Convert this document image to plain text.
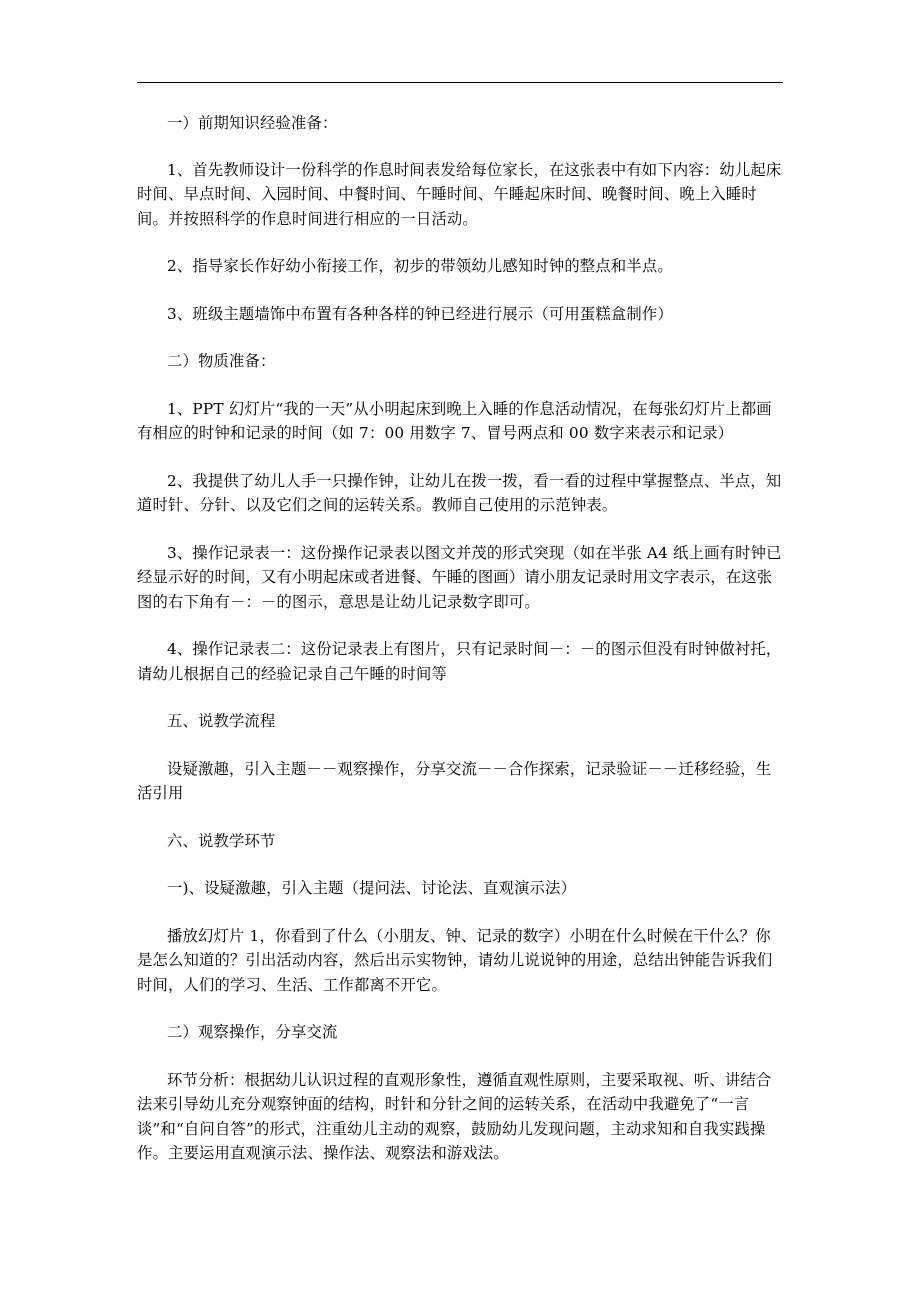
一）前期知识经验准备：

1、首先教师设计一份科学的作息时间表发给每位家长，在这张表中有如下内容：幼儿起床时间、早点时间、入园时间、中餐时间、午睡时间、午睡起床时间、晚餐时间、晚上入睡时间。并按照科学的作息时间进行相应的一日活动。

2、指导家长作好幼小衔接工作，初步的带领幼儿感知时钟的整点和半点。

3、班级主题墙饰中布置有各种各样的钟已经进行展示（可用蛋糕盒制作）

二）物质准备：

1、PPT 幻灯片“我的一天”从小明起床到晚上入睡的作息活动情况，在每张幻灯片上都画有相应的时钟和记录的时间（如 7：00 用数字 7、冒号两点和 00 数字来表示和记录）

2、我提供了幼儿人手一只操作钟，让幼儿在拨一拨，看一看的过程中掌握整点、半点，知道时针、分针、以及它们之间的运转关系。教师自己使用的示范钟表。

3、操作记录表一：这份操作记录表以图文并茂的形式突现（如在半张 A4 纸上画有时钟已经显示好的时间，又有小明起床或者进餐、午睡的图画）请小朋友记录时用文字表示，在这张图的右下角有－：－的图示，意思是让幼儿记录数字即可。

4、操作记录表二：这份记录表上有图片，只有记录时间－：－的图示但没有时钟做衬托，请幼儿根据自己的经验记录自己午睡的时间等

五、说教学流程

设疑激趣，引入主题－－观察操作，分享交流－－合作探索，记录验证－－迁移经验，生活引用

六、说教学环节

一)、设疑激趣，引入主题（提问法、讨论法、直观演示法）

播放幻灯片 1，你看到了什么（小朋友、钟、记录的数字）小明在什么时候在干什么？你是怎么知道的？引出活动内容，然后出示实物钟，请幼儿说说钟的用途，总结出钟能告诉我们时间，人们的学习、生活、工作都离不开它。

二）观察操作，分享交流

环节分析：根据幼儿认识过程的直观形象性，遵循直观性原则，主要采取视、听、讲结合法来引导幼儿充分观察钟面的结构，时针和分针之间的运转关系，在活动中我避免了“一言谈”和“自问自答”的形式，注重幼儿主动的观察，鼓励幼儿发现问题，主动求知和自我实践操作。主要运用直观演示法、操作法、观察法和游戏法。
